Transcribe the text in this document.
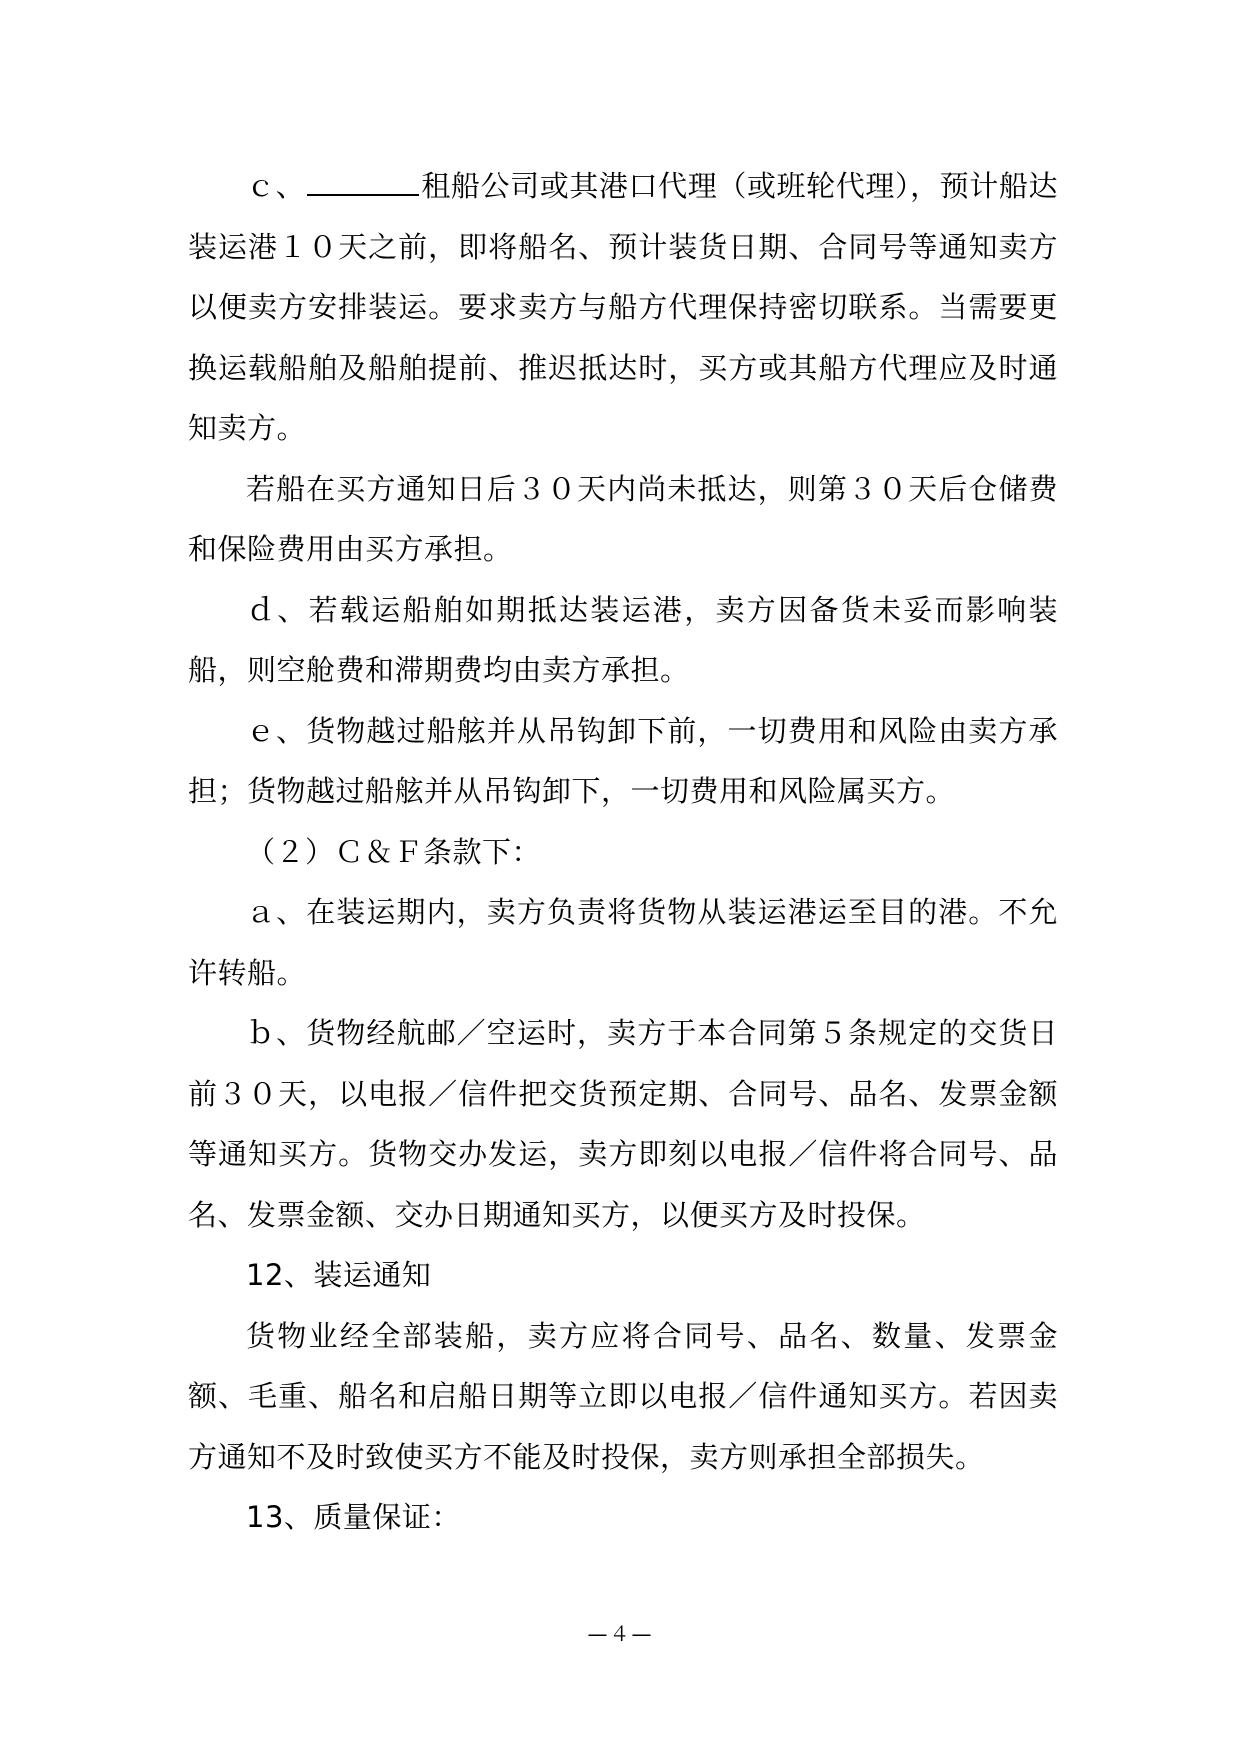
ｃ、	租船公司或其港口代理（或班轮代理），预计船达装运港１０天之前，即将船名、预计装货日期、合同号等通知卖方以便卖方安排装运。要求卖方与船方代理保持密切联系。当需要更换运载船舶及船舶提前、推迟抵达时，买方或其船方代理应及时通知卖方。

若船在买方通知日后３０天内尚未抵达，则第３０天后仓储费和保险费用由买方承担。

ｄ、若载运船舶如期抵达装运港，卖方因备货未妥而影响装船，则空舱费和滞期费均由卖方承担。

ｅ、货物越过船舷并从吊钩卸下前，一切费用和风险由卖方承担；货物越过船舷并从吊钩卸下，一切费用和风险属买方。

（２）Ｃ＆Ｆ条款下：

ａ、在装运期内，卖方负责将货物从装运港运至目的港。不允许转船。

ｂ、货物经航邮／空运时，卖方于本合同第５条规定的交货日前３０天，以电报／信件把交货预定期、合同号、品名、发票金额等通知买方。货物交办发运，卖方即刻以电报／信件将合同号、品名、发票金额、交办日期通知买方，以便买方及时投保。

12、装运通知

货物业经全部装船，卖方应将合同号、品名、数量、发票金额、毛重、船名和启船日期等立即以电报／信件通知买方。若因卖方通知不及时致使买方不能及时投保，卖方则承担全部损失。

13、质量保证：

—４—
